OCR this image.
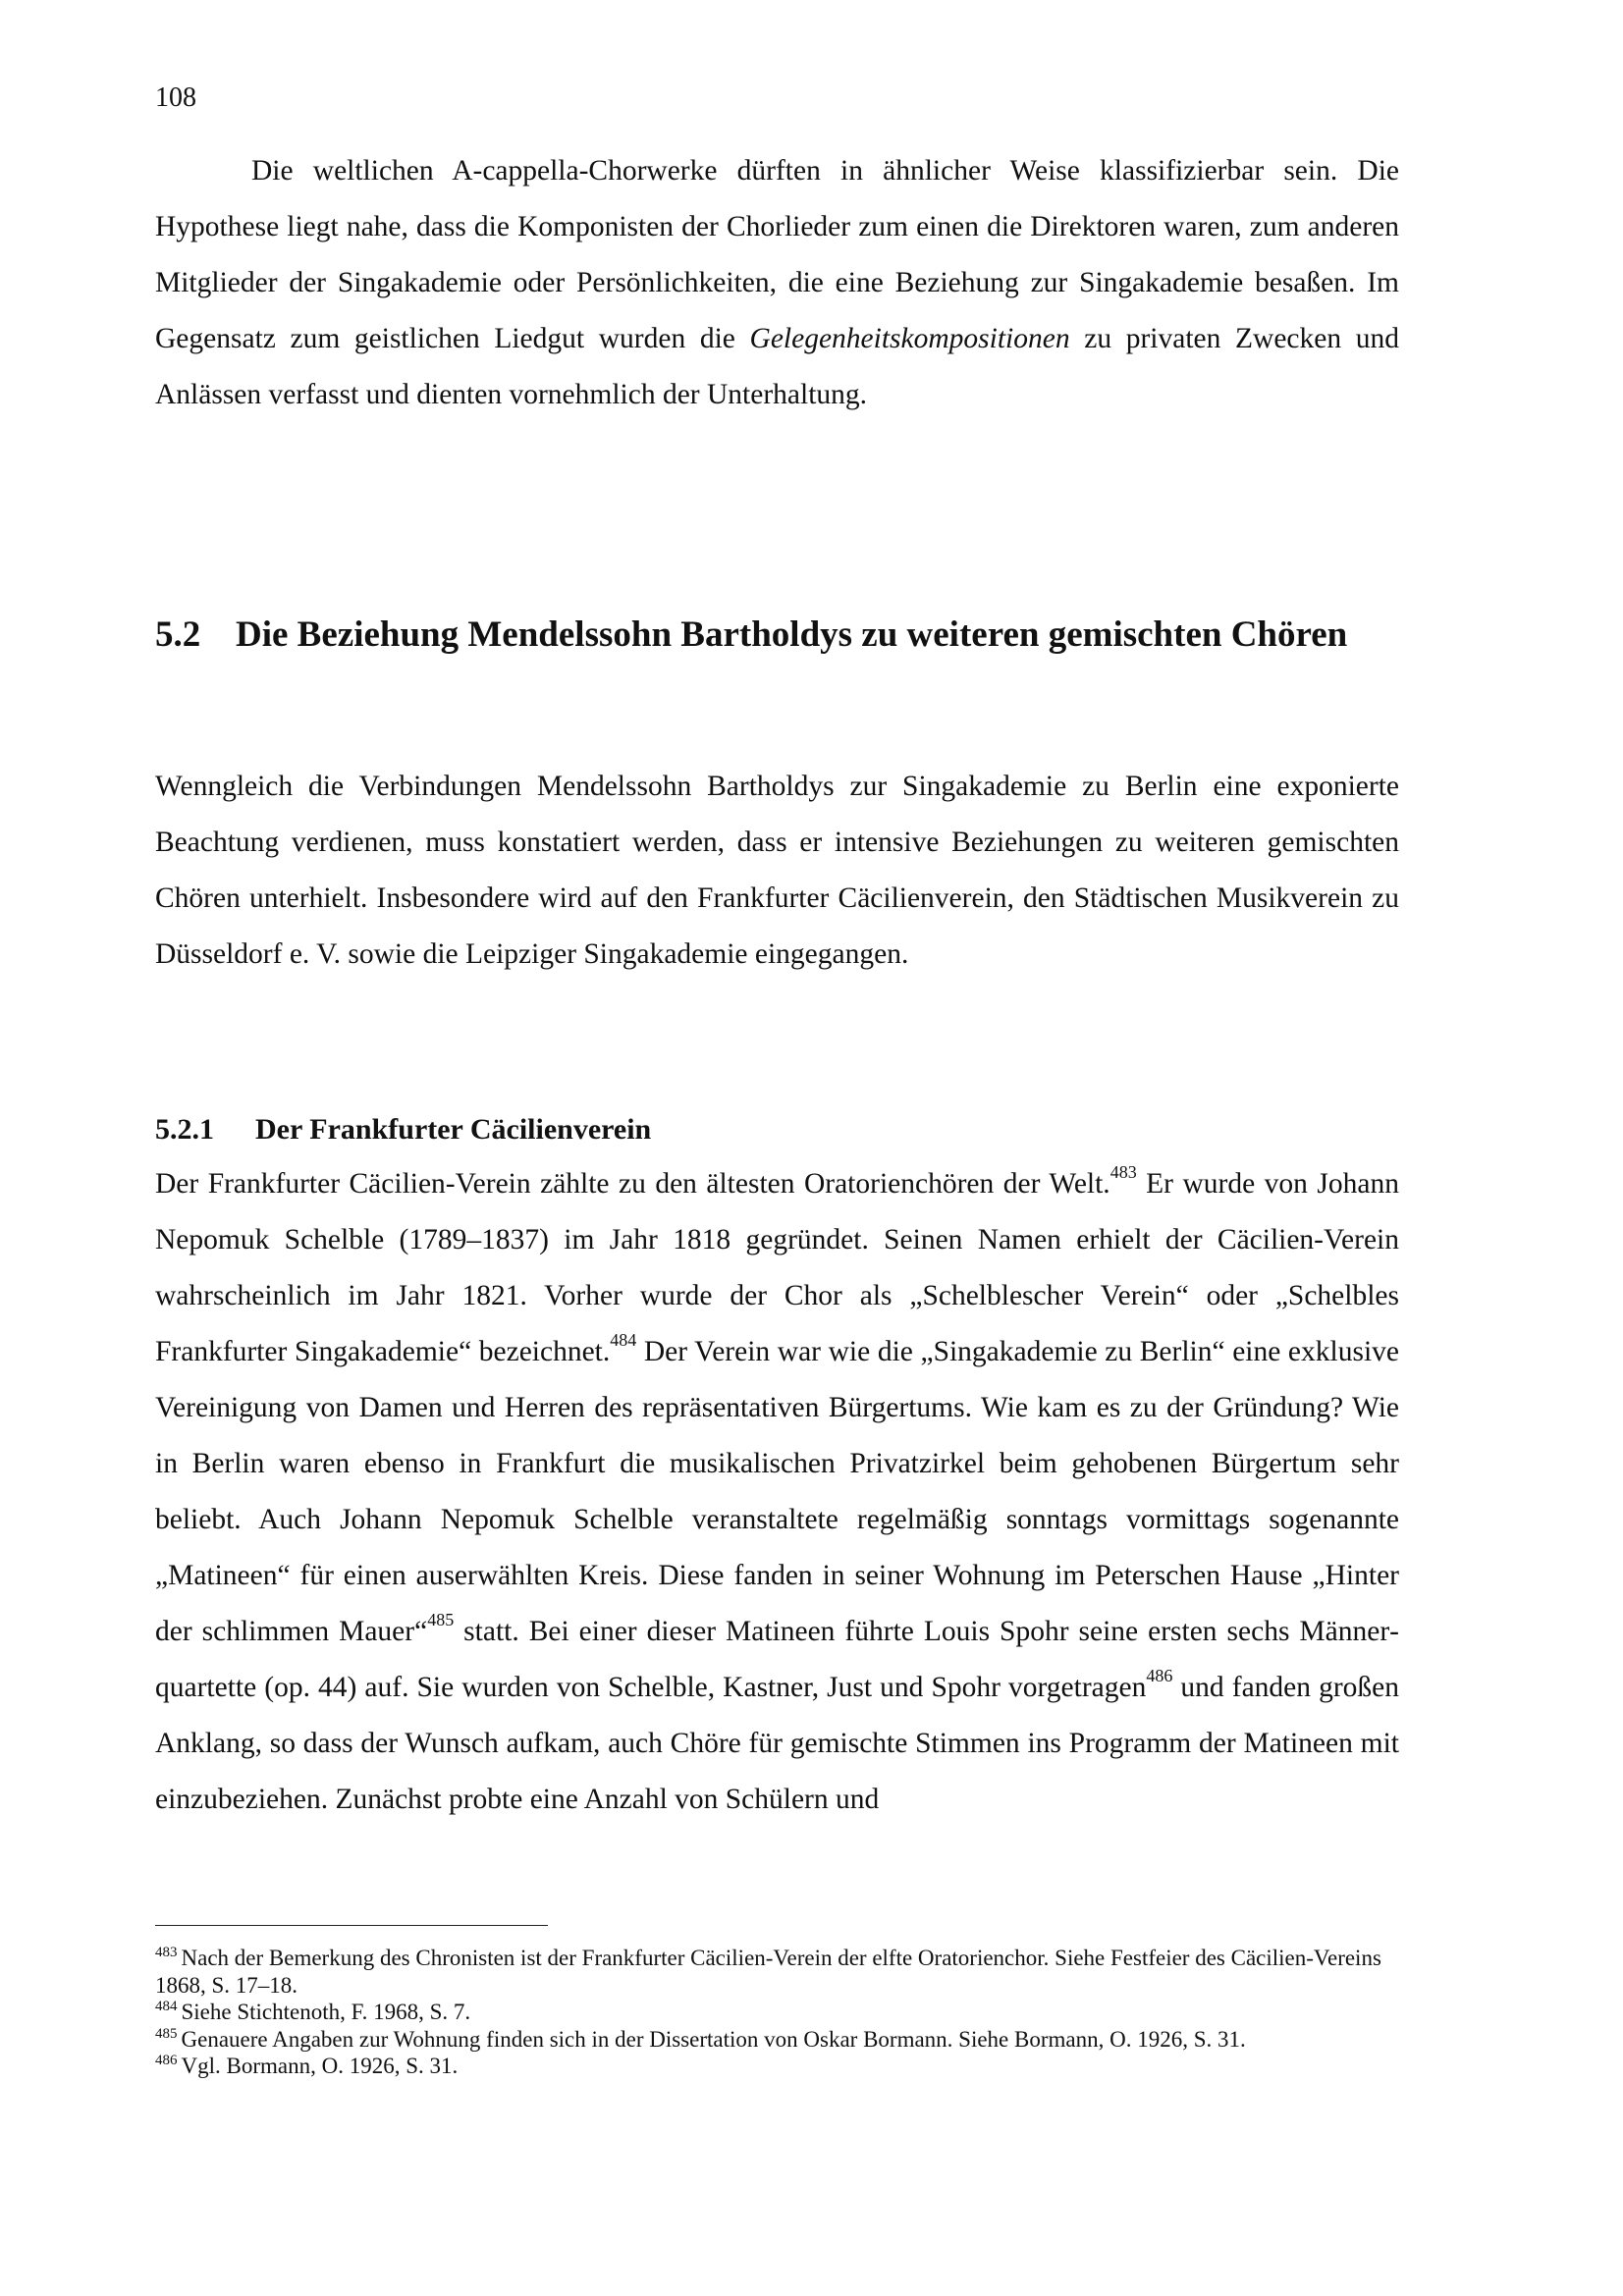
108

Die weltlichen A-cappella-Chorwerke dürften in ähnlicher Weise klassifizierbar sein. Die Hypothese liegt nahe, dass die Komponisten der Chorlieder zum einen die Direktoren waren, zum anderen Mitglieder der Singakademie oder Persönlichkeiten, die eine Beziehung zur Singakademie besaßen. Im Gegensatz zum geistlichen Liedgut wurden die Gelegenheitskompositionen zu privaten Zwecken und Anlässen verfasst und dienten vornehmlich der Unterhaltung.

5.2 Die Beziehung Mendelssohn Bartholdys zu weiteren gemischten Chören

Wenngleich die Verbindungen Mendelssohn Bartholdys zur Singakademie zu Berlin eine exponierte Beachtung verdienen, muss konstatiert werden, dass er intensive Beziehungen zu weiteren gemischten Chören unterhielt. Insbesondere wird auf den Frankfurter Cäcilienverein, den Städtischen Musikverein zu Düsseldorf e. V. sowie die Leipziger Singakademie eingegangen.

5.2.1 Der Frankfurter Cäcilienverein

Der Frankfurter Cäcilien-Verein zählte zu den ältesten Oratorienchören der Welt.$^{483}$ Er wurde von Johann Nepomuk Schelble (1789–1837) im Jahr 1818 gegründet. Seinen Namen erhielt der Cäcilien-Verein wahrscheinlich im Jahr 1821. Vorher wurde der Chor als „Schelblescher Verein“ oder „Schelbles Frankfurter Singakademie“ bezeichnet.$^{484}$ Der Verein war wie die „Singakademie zu Berlin“ eine exklusive Vereinigung von Damen und Herren des repräsentativen Bürgertums. Wie kam es zu der Gründung? Wie in Berlin waren ebenso in Frankfurt die musikalischen Privatzirkel beim gehobenen Bürgertum sehr beliebt. Auch Johann Nepomuk Schelble veranstaltete regelmäßig sonntags vormittags sogenannte „Matineen“ für einen auserwählten Kreis. Diese fanden in seiner Wohnung im Peterschen Hause „Hinter der schlimmen Mauer“$^{485}$ statt. Bei einer dieser Matineen führte Louis Spohr seine ersten sechs Männerquartette (op. 44) auf. Sie wurden von Schelble, Kastner, Just und Spohr vorgetragen$^{486}$ und fanden großen Anklang, so dass der Wunsch aufkam, auch Chöre für gemischte Stimmen ins Programm der Matineen mit einzubeziehen. Zunächst probte eine Anzahl von Schülern und

$^{483}$ Nach der Bemerkung des Chronisten ist der Frankfurter Cäcilien-Verein der elfte Oratorienchor. Siehe Festfeier des Cäcilien-Vereins 1868, S. 17–18.

$^{484}$ Siehe Stichtenoth, F. 1968, S. 7.

$^{485}$ Genauere Angaben zur Wohnung finden sich in der Dissertation von Oskar Bormann. Siehe Bormann, O. 1926, S. 31.

$^{486}$ Vgl. Bormann, O. 1926, S. 31.
